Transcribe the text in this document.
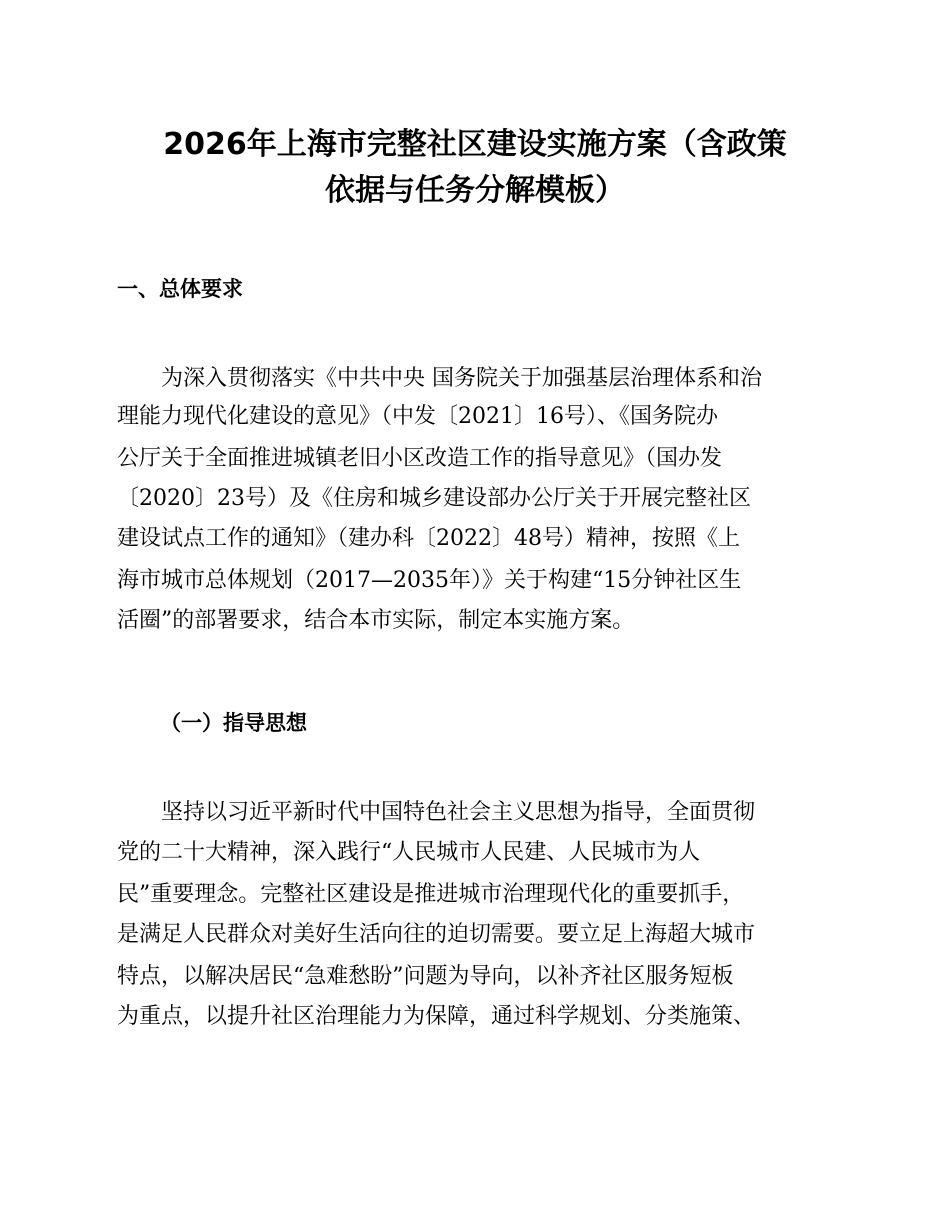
2026年上海市完整社区建设实施方案（含政策
依据与任务分解模板）
一、总体要求

　　为深入贯彻落实《中共中央 国务院关于加强基层治理体系和治

理能力现代化建设的意见》（中发〔2021〕16号）、《国务院办

公厅关于全面推进城镇老旧小区改造工作的指导意见》（国办发

〔2020〕23号）及《住房和城乡建设部办公厅关于开展完整社区

建设试点工作的通知》（建办科〔2022〕48号）精神，按照《上

海市城市总体规划（2017—2035年）》关于构建“15分钟社区生

活圈”的部署要求，结合本市实际，制定本实施方案。

（一）指导思想

　　坚持以习近平新时代中国特色社会主义思想为指导，全面贯彻

党的二十大精神，深入践行“人民城市人民建、人民城市为人

民”重要理念。完整社区建设是推进城市治理现代化的重要抓手，

是满足人民群众对美好生活向往的迫切需要。要立足上海超大城市

特点，以解决居民“急难愁盼”问题为导向，以补齐社区服务短板

为重点，以提升社区治理能力为保障，通过科学规划、分类施策、
